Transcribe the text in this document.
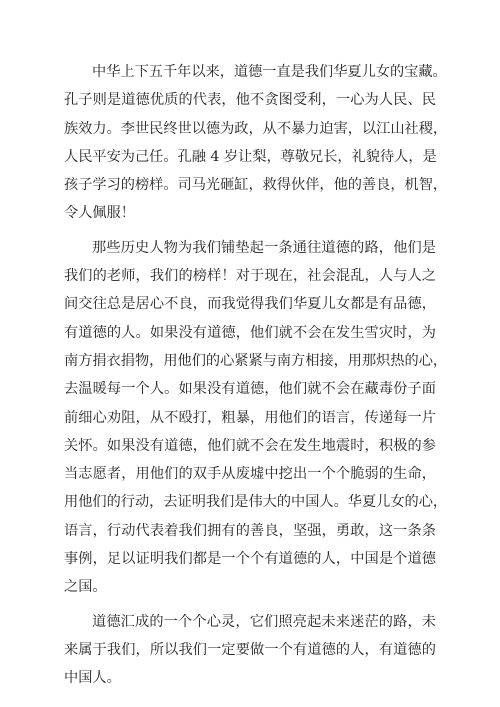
中华上下五千年以来，道德一直是我们华夏儿女的宝藏。
孔子则是道德优质的代表，他不贪图受利，一心为人民、民
族效力。李世民终世以德为政，从不暴力迫害，以江山社稷，
人民平安为己任。孔融 4 岁让梨，尊敬兄长，礼貌待人，是
孩子学习的榜样。司马光砸缸，救得伙伴，他的善良，机智，
令人佩服！

那些历史人物为我们铺垫起一条通往道德的路，他们是
我们的老师，我们的榜样！对于现在，社会混乱，人与人之
间交往总是居心不良，而我觉得我们华夏儿女都是有品德，
有道德的人。如果没有道德，他们就不会在发生雪灾时，为
南方捐衣捐物，用他们的心紧紧与南方相接，用那炽热的心，
去温暖每一个人。如果没有道德，他们就不会在藏毒份子面
前细心劝阻，从不殴打，粗暴，用他们的语言，传递每一片
关怀。如果没有道德，他们就不会在发生地震时，积极的参
当志愿者，用他们的双手从废墟中挖出一个个脆弱的生命，
用他们的行动，去证明我们是伟大的中国人。华夏儿女的心，
语言，行动代表着我们拥有的善良，坚强，勇敢，这一条条
事例，足以证明我们都是一个个有道德的人，中国是个道德
之国。

道德汇成的一个个心灵，它们照亮起未来迷茫的路，未
来属于我们，所以我们一定要做一个有道德的人，有道德的
中国人。
